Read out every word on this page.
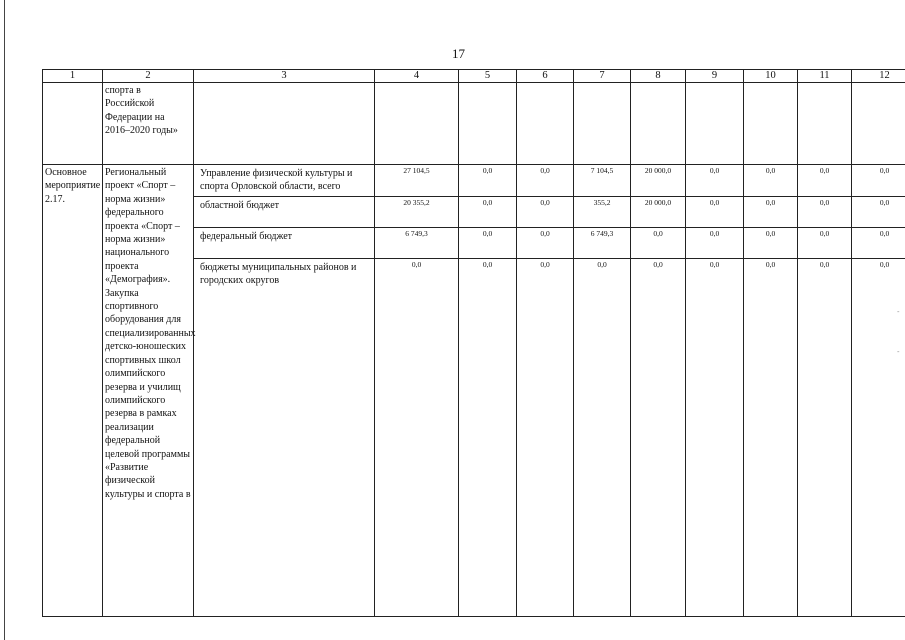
17
1	2	3	4	5	6	7	8	9	10	11	12
	спорта в Российской Федерации на 2016–2020 годы»										
Основное мероприятие 2.17.	Региональный проект «Спорт – норма жизни» федерального проекта «Спорт – норма жизни» национального проекта «Демография». Закупка спортивного оборудования для специализированных детско-юношеских спортивных школ олимпийского резерва и училищ олимпийского резерва в рамках реализации федеральной целевой программы «Развитие физической культуры и спорта в	Управление физической культуры и спорта Орловской области, всего	27 104,5	0,0	0,0	7 104,5	20 000,0	0,0	0,0	0,0	0,0
		областной бюджет	20 355,2	0,0	0,0	355,2	20 000,0	0,0	0,0	0,0	0,0
		федеральный бюджет	6 749,3	0,0	0,0	6 749,3	0,0	0,0	0,0	0,0	0,0
		бюджеты муниципальных районов и городских округов	0,0	0,0	0,0	0,0	0,0	0,0	0,0	0,0	0,0
-
-
